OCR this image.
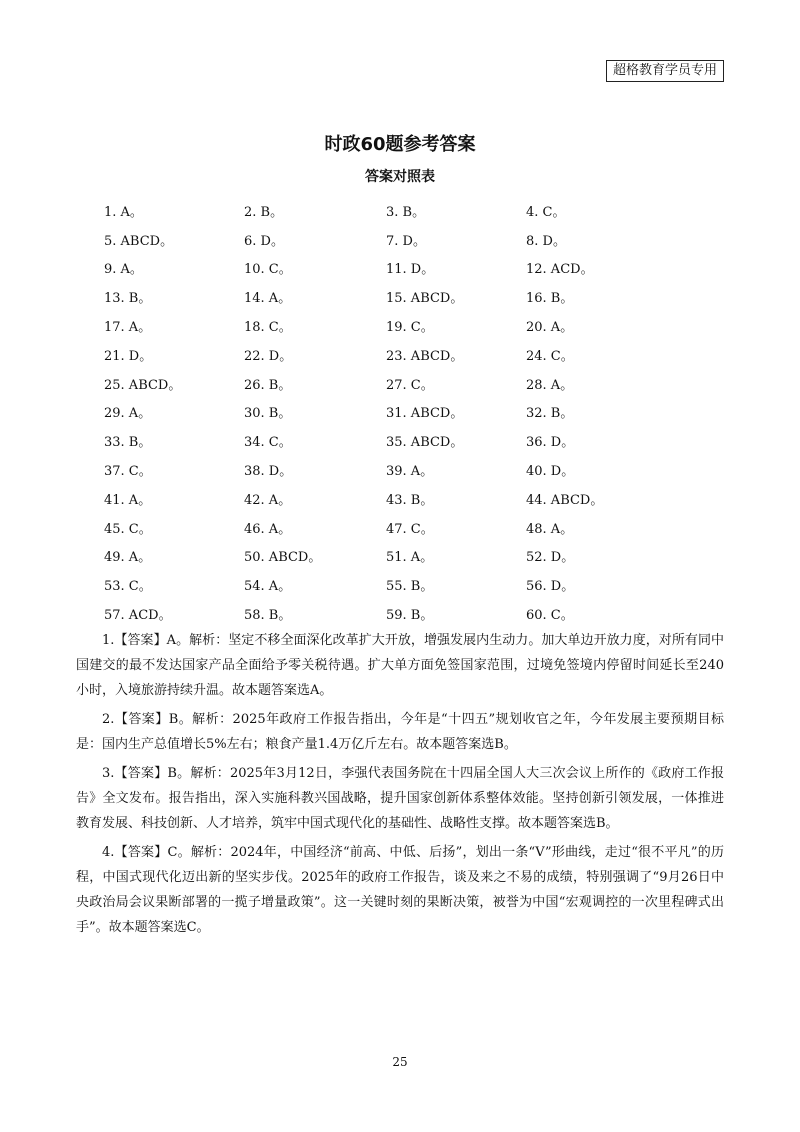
超格教育学员专用
时政60题参考答案
答案对照表
1. A。	2. B。	3. B。	4. C。
5. ABCD。	6. D。	7. D。	8. D。
9. A。	10. C。	11. D。	12. ACD。
13. B。	14. A。	15. ABCD。	16. B。
17. A。	18. C。	19. C。	20. A。
21. D。	22. D。	23. ABCD。	24. C。
25. ABCD。	26. B。	27. C。	28. A。
29. A。	30. B。	31. ABCD。	32. B。
33. B。	34. C。	35. ABCD。	36. D。
37. C。	38. D。	39. A。	40. D。
41. A。	42. A。	43. B。	44. ABCD。
45. C。	46. A。	47. C。	48. A。
49. A。	50. ABCD。	51. A。	52. D。
53. C。	54. A。	55. B。	56. D。
57. ACD。	58. B。	59. B。	60. C。

1.【答案】A。解析：坚定不移全面深化改革扩大开放，增强发展内生动力。加大单边开放力度，对所有同中国建交的最不发达国家产品全面给予零关税待遇。扩大单方面免签国家范围，过境免签境内停留时间延长至240小时，入境旅游持续升温。故本题答案选A。

2.【答案】B。解析：2025年政府工作报告指出，今年是“十四五”规划收官之年，今年发展主要预期目标是：国内生产总值增长5%左右；粮食产量1.4万亿斤左右。故本题答案选B。

3.【答案】B。解析：2025年3月12日，李强代表国务院在十四届全国人大三次会议上所作的《政府工作报告》全文发布。报告指出，深入实施科教兴国战略，提升国家创新体系整体效能。坚持创新引领发展，一体推进教育发展、科技创新、人才培养，筑牢中国式现代化的基础性、战略性支撑。故本题答案选B。

4.【答案】C。解析：2024年，中国经济“前高、中低、后扬”，划出一条“V”形曲线，走过“很不平凡”的历程，中国式现代化迈出新的坚实步伐。2025年的政府工作报告，谈及来之不易的成绩，特别强调了“9月26日中央政治局会议果断部署的一揽子增量政策”。这一关键时刻的果断决策，被誉为中国“宏观调控的一次里程碑式出手”。故本题答案选C。

25
